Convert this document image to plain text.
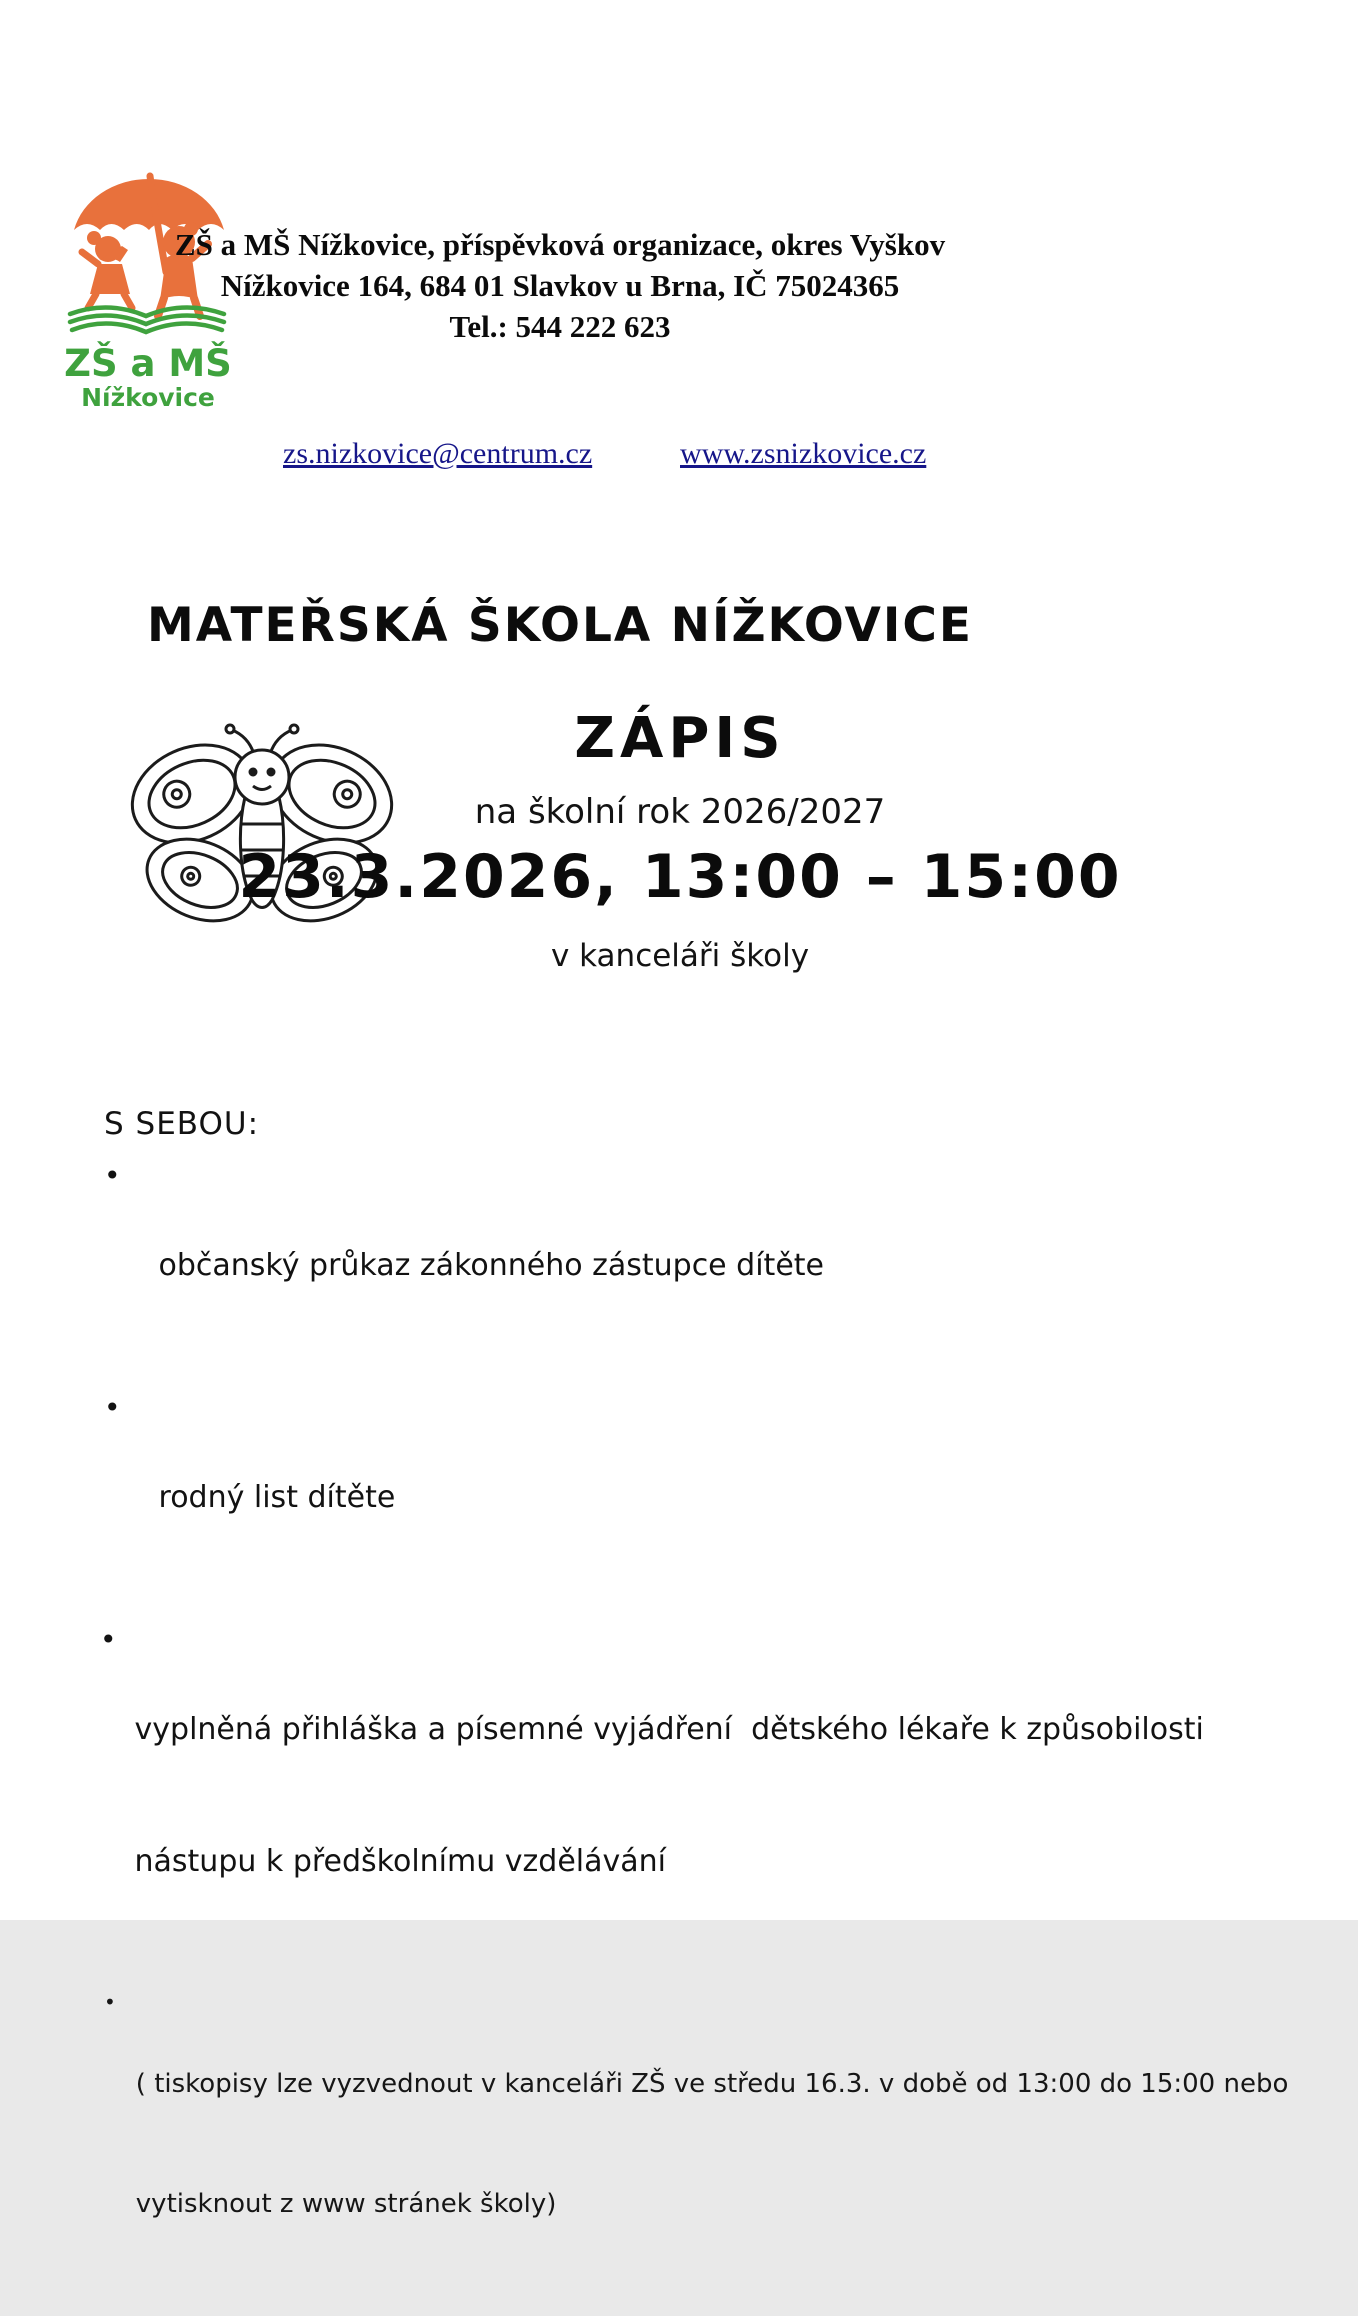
ZŠ a MŠ
Nížkovice
ZŠ a MŠ Nížkovice, příspěvková organizace, okres Vyškov
Nížkovice 164, 684 01 Slavkov u Brna, IČ 75024365
Tel.: 544 222 623
zs.nizkovice@centrum.cz	www.zsnizkovice.cz
MATEŘSKÁ ŠKOLA NÍŽKOVICE
ZÁPIS
na školní rok 2026/2027
23.3.2026, 13:00 – 15:00
v kanceláři školy
S SEBOU:
•

občanský průkaz zákonného zástupce dítěte

•

rodný list dítěte

•

vyplněná přihláška a písemné vyjádření  dětského lékaře k způsobilosti

nástupu k předškolnímu vzdělávání

•

( tiskopisy lze vyzvednout v kanceláři ZŠ ve středu 16.3. v době od 13:00 do 15:00 nebo

vytisknout z www stránek školy)
